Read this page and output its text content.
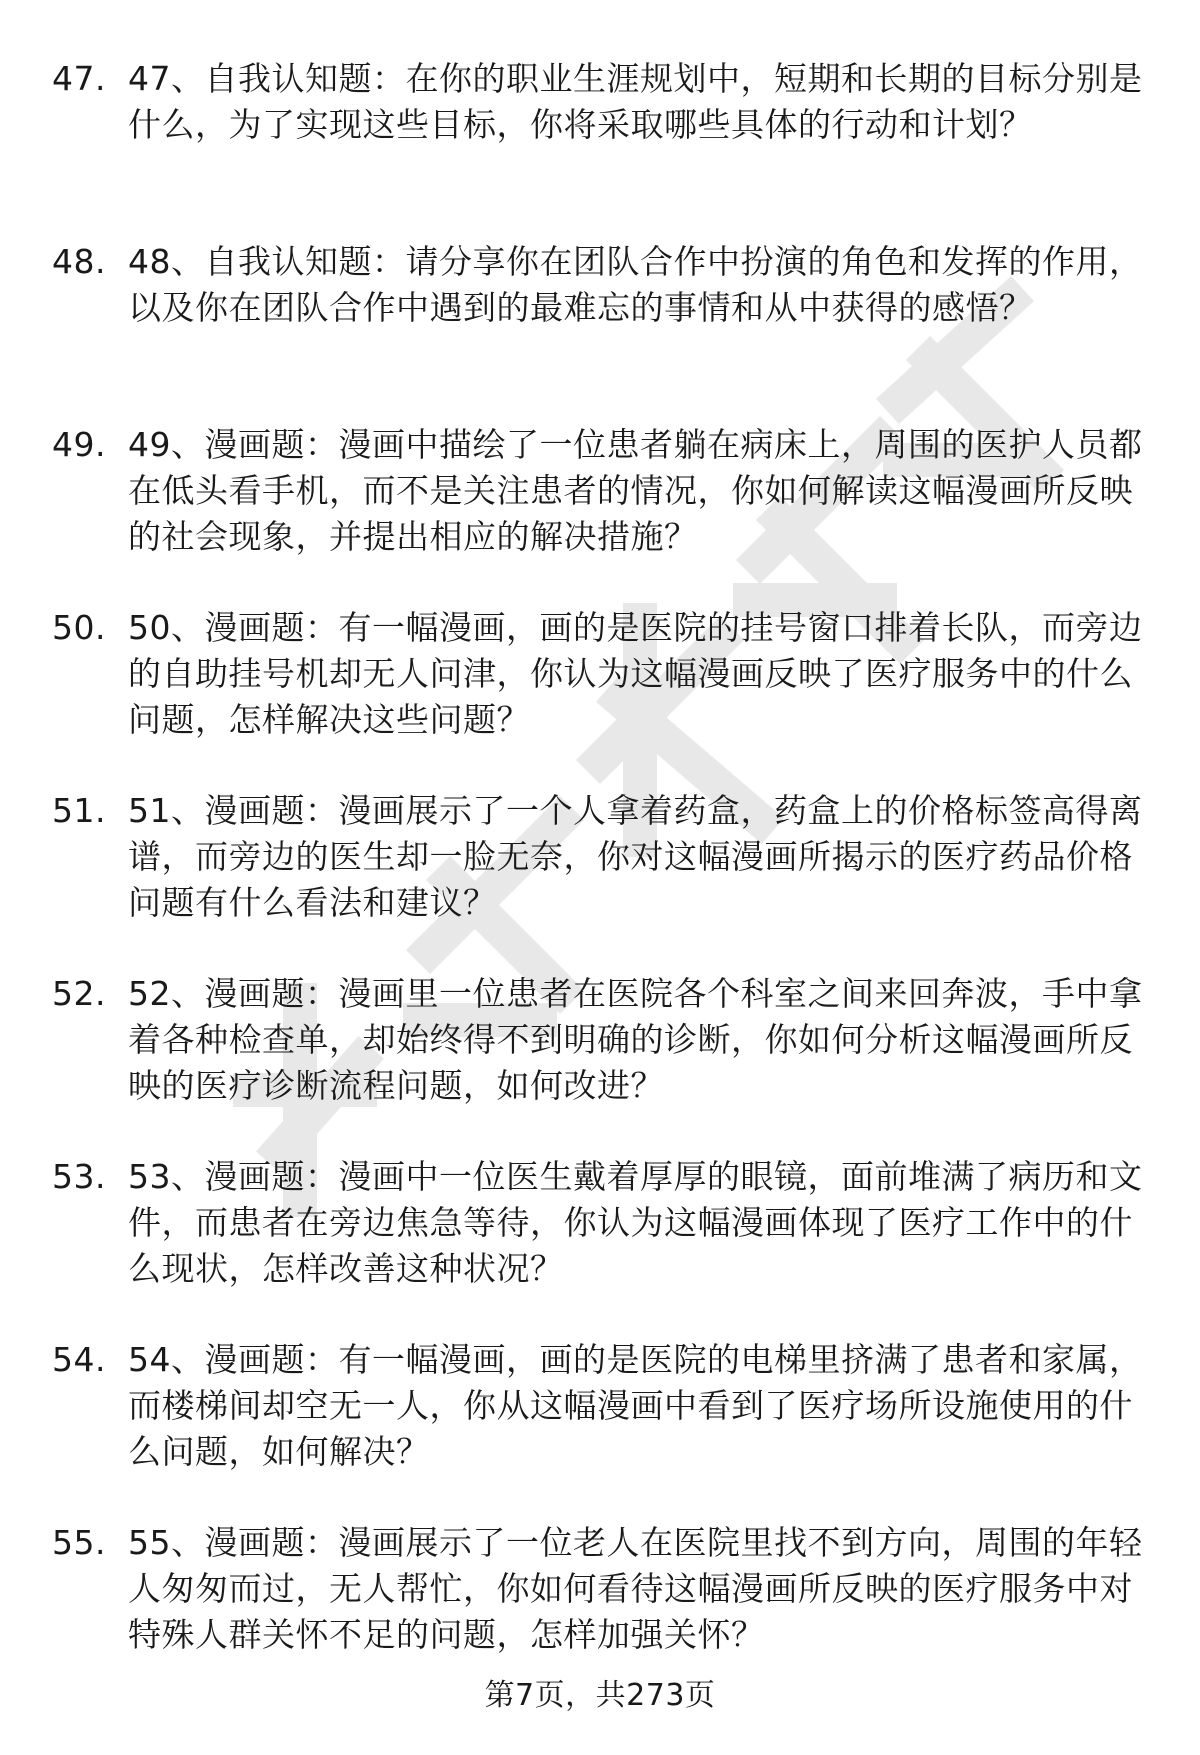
47. 47、自我认知题：在你的职业生涯规划中，短期和长期的目标分别是什么，为了实现这些目标，你将采取哪些具体的行动和计划？
48. 48、自我认知题：请分享你在团队合作中扮演的角色和发挥的作用，以及你在团队合作中遇到的最难忘的事情和从中获得的感悟？
49. 49、漫画题：漫画中描绘了一位患者躺在病床上，周围的医护人员都在低头看手机，而不是关注患者的情况，你如何解读这幅漫画所反映的社会现象，并提出相应的解决措施？
50. 50、漫画题：有一幅漫画，画的是医院的挂号窗口排着长队，而旁边的自助挂号机却无人问津，你认为这幅漫画反映了医疗服务中的什么问题，怎样解决这些问题？
51. 51、漫画题：漫画展示了一个人拿着药盒，药盒上的价格标签高得离谱，而旁边的医生却一脸无奈，你对这幅漫画所揭示的医疗药品价格问题有什么看法和建议？
52. 52、漫画题：漫画里一位患者在医院各个科室之间来回奔波，手中拿着各种检查单，却始终得不到明确的诊断，你如何分析这幅漫画所反映的医疗诊断流程问题，如何改进？
53. 53、漫画题：漫画中一位医生戴着厚厚的眼镜，面前堆满了病历和文件，而患者在旁边焦急等待，你认为这幅漫画体现了医疗工作中的什么现状，怎样改善这种状况？
54. 54、漫画题：有一幅漫画，画的是医院的电梯里挤满了患者和家属，而楼梯间却空无一人，你从这幅漫画中看到了医疗场所设施使用的什么问题，如何解决？
55. 55、漫画题：漫画展示了一位老人在医院里找不到方向，周围的年轻人匆匆而过，无人帮忙，你如何看待这幅漫画所反映的医疗服务中对特殊人群关怀不足的问题，怎样加强关怀？
第7页，共273页
